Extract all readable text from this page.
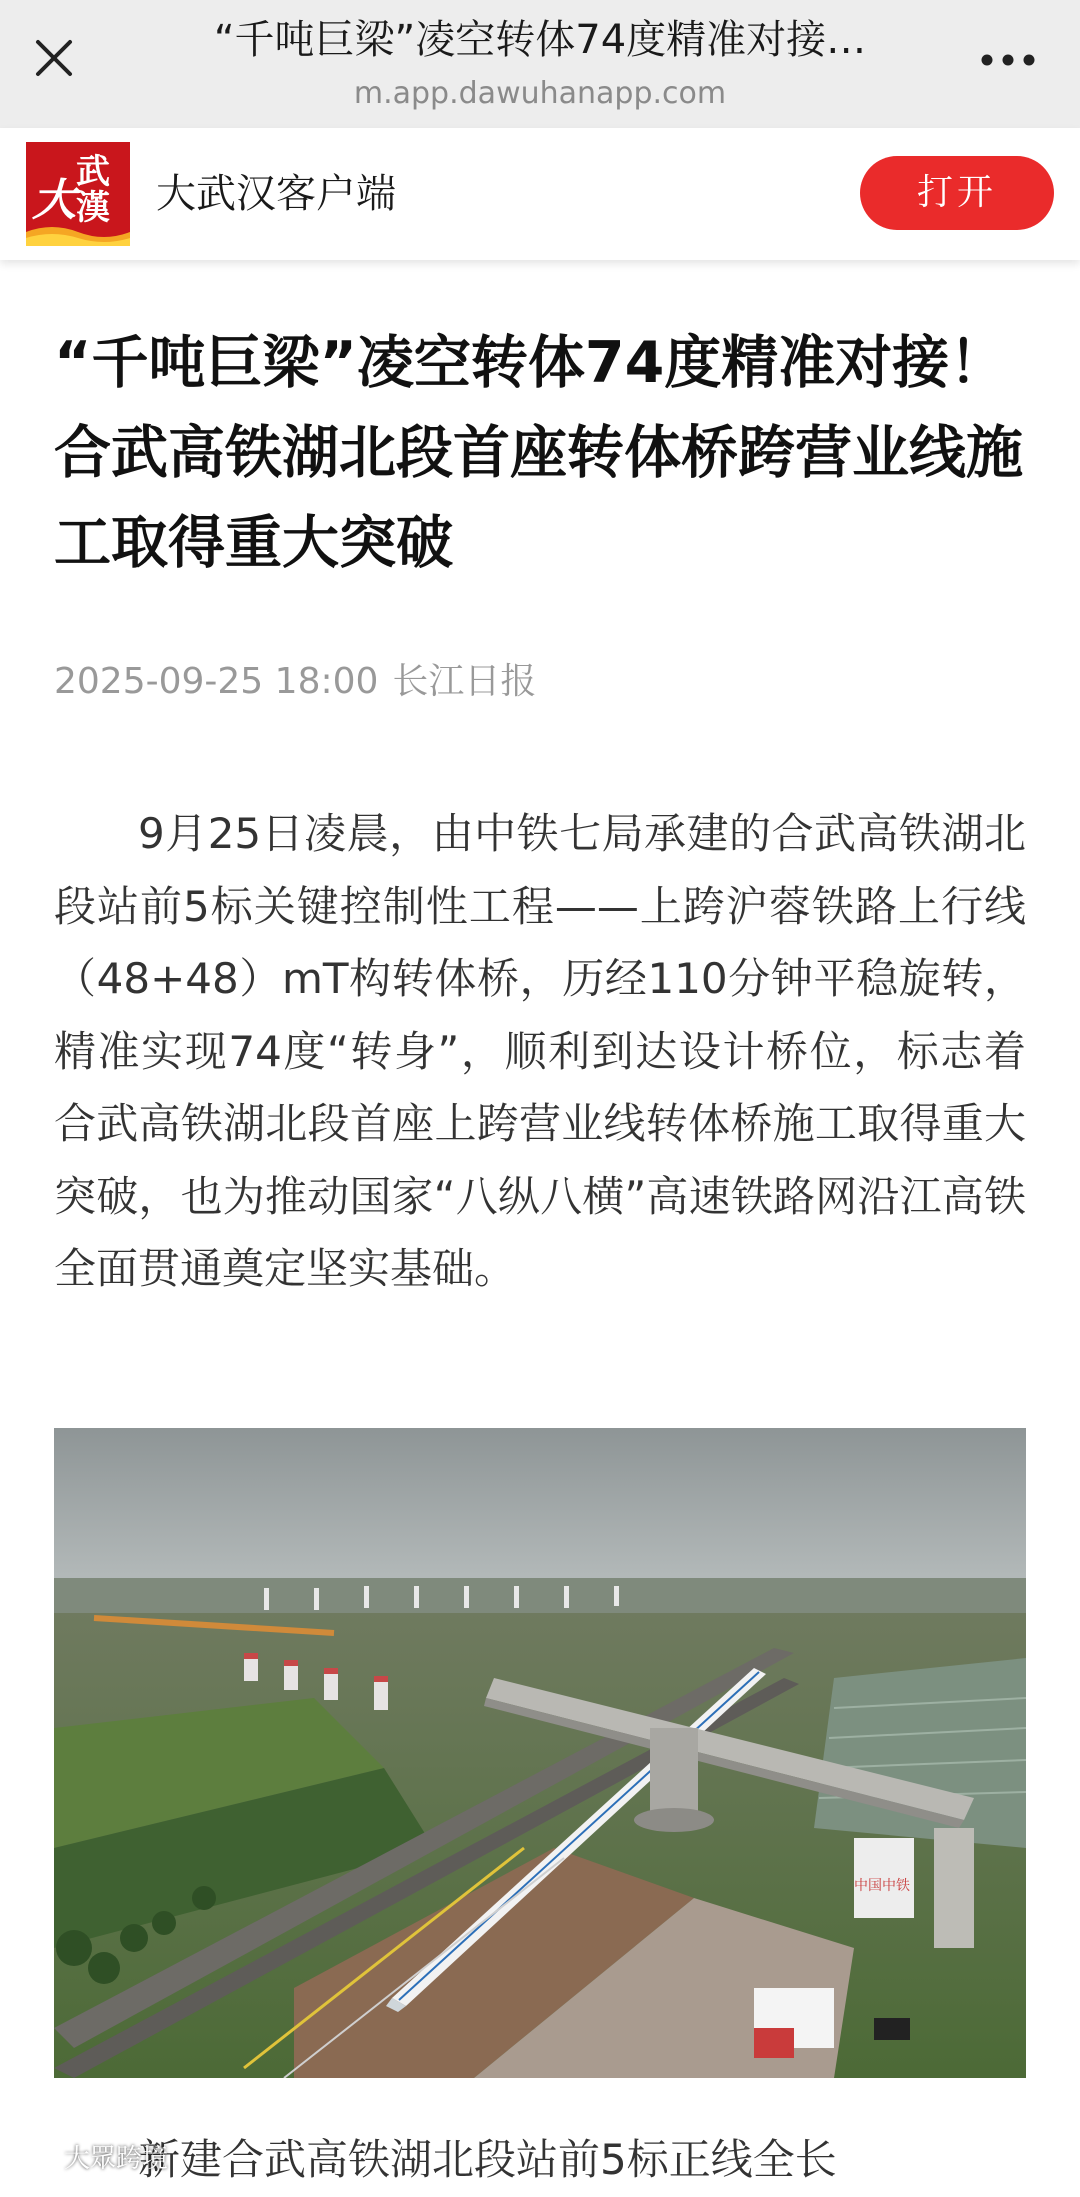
“千吨巨梁”凌空转体74度精准对接…
m.app.dawuhanapp.com
大
武
漢 大武汉客户端	打开
“千吨巨梁”凌空转体74度精准对接！合武高铁湖北段首座转体桥跨营业线施工取得重大突破
2025-09-25 18:00 长江日报

9月25日凌晨，由中铁七局承建的合武高铁湖北段站前5标关键控制性工程——上跨沪蓉铁路上行线（48+48）mT构转体桥，历经110分钟平稳旋转，精准实现74度“转身”，顺利到达设计桥位，标志着合武高铁湖北段首座上跨营业线转体桥施工取得重大突破，也为推动国家“八纵八横”高速铁路网沿江高铁全面贯通奠定坚实基础。

中国中铁

新建合武高铁湖北段站前5标正线全长

大眾跨境
